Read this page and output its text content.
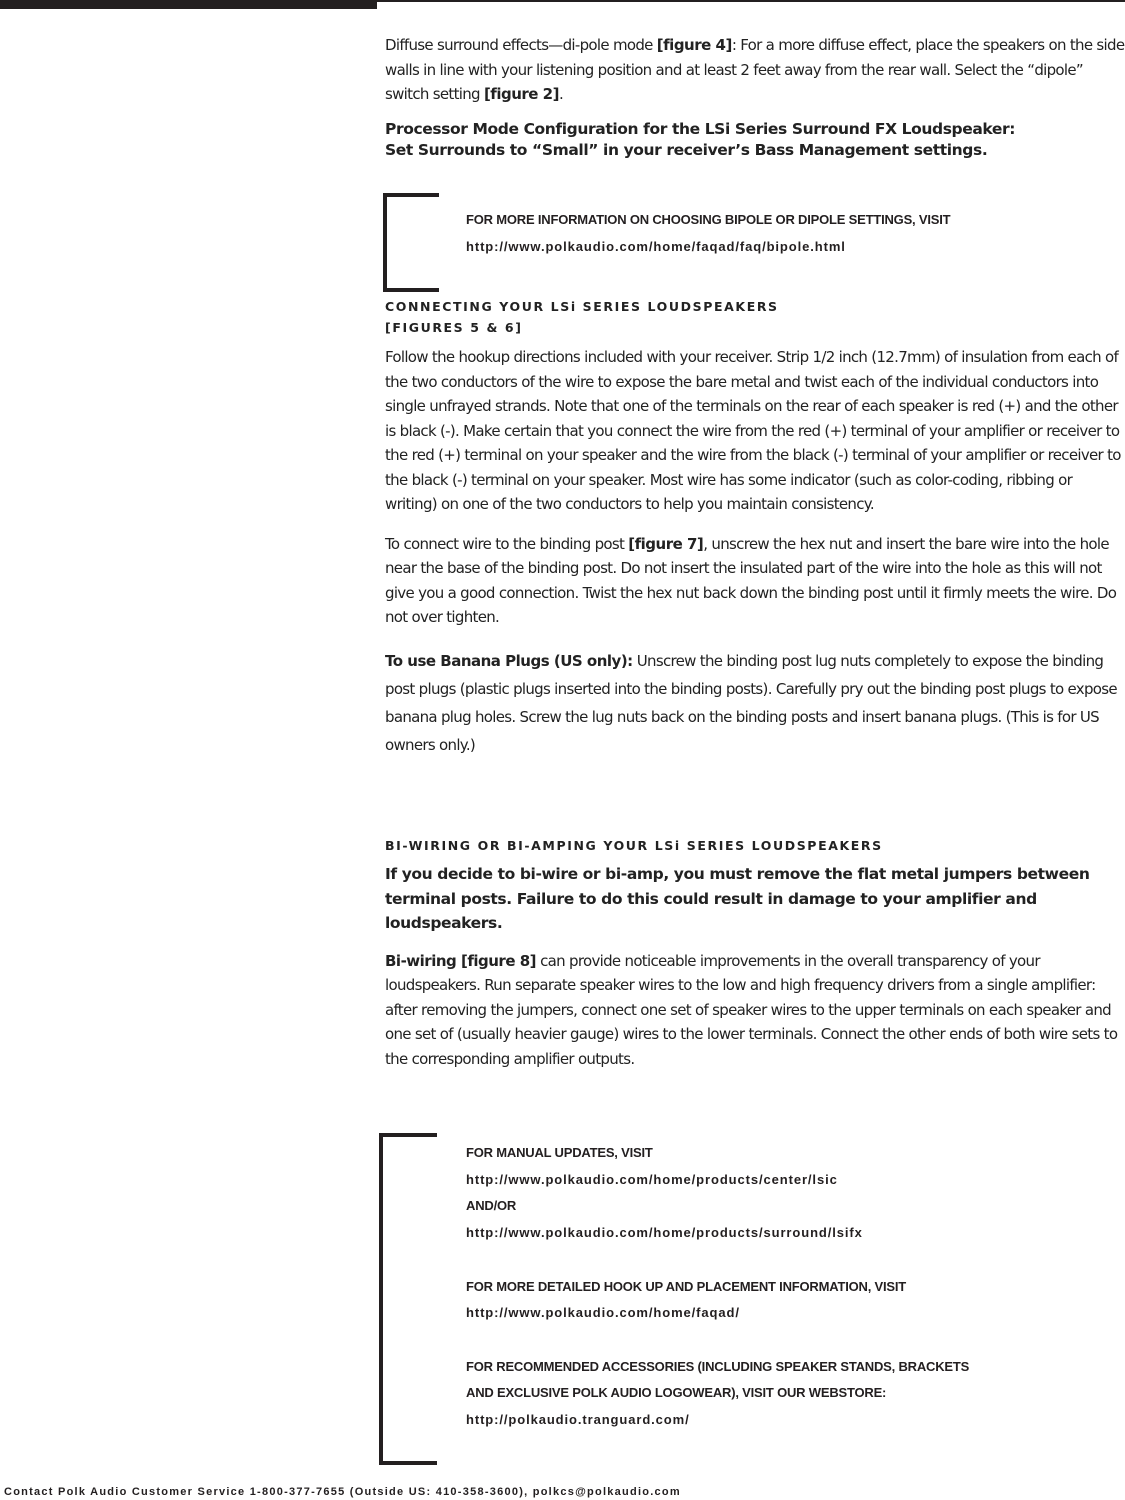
Diffuse surround effects—di-pole mode [figure 4]: For a more diffuse effect, place the speakers on the side walls in line with your listening position and at least 2 feet away from the rear wall. Select the “dipole” switch setting [figure 2].

Processor Mode Configuration for the LSi Series Surround FX Loudspeaker:
Set Surrounds to “Small” in your receiver’s Bass Management settings.

FOR MORE INFORMATION ON CHOOSING BIPOLE OR DIPOLE SETTINGS, VISIT
http://www.polkaudio.com/home/faqad/faq/bipole.html

CONNECTING YOUR LSi SERIES LOUDSPEAKERS
[FIGURES 5 & 6]

Follow the hookup directions included with your receiver. Strip 1/2 inch (12.7mm) of insulation from each of the two conductors of the wire to expose the bare metal and twist each of the individual conductors into single unfrayed strands. Note that one of the terminals on the rear of each speaker is red (+) and the other is black (-). Make certain that you connect the wire from the red (+) terminal of your amplifier or receiver to the red (+) terminal on your speaker and the wire from the black (-) terminal of your amplifier or receiver to the black (-) terminal on your speaker. Most wire has some indicator (such as color-coding, ribbing or writing) on one of the two conductors to help you maintain consistency.

To connect wire to the binding post [figure 7], unscrew the hex nut and insert the bare wire into the hole near the base of the binding post. Do not insert the insulated part of the wire into the hole as this will not give you a good connection. Twist the hex nut back down the binding post until it firmly meets the wire. Do not over tighten.

To use Banana Plugs (US only): Unscrew the binding post lug nuts completely to expose the binding post plugs (plastic plugs inserted into the binding posts). Carefully pry out the binding post plugs to expose banana plug holes. Screw the lug nuts back on the binding posts and insert banana plugs. (This is for US owners only.)

BI-WIRING OR BI-AMPING YOUR LSi SERIES LOUDSPEAKERS

If you decide to bi-wire or bi-amp, you must remove the flat metal jumpers between terminal posts. Failure to do this could result in damage to your amplifier and loudspeakers.

Bi-wiring [figure 8] can provide noticeable improvements in the overall transparency of your loudspeakers. Run separate speaker wires to the low and high frequency drivers from a single amplifier: after removing the jumpers, connect one set of speaker wires to the upper terminals on each speaker and one set of (usually heavier gauge) wires to the lower terminals. Connect the other ends of both wire sets to the corresponding amplifier outputs.

FOR MANUAL UPDATES, VISIT
http://www.polkaudio.com/home/products/center/lsic
AND/OR
http://www.polkaudio.com/home/products/surround/lsifx
FOR MORE DETAILED HOOK UP AND PLACEMENT INFORMATION, VISIT
http://www.polkaudio.com/home/faqad/
FOR RECOMMENDED ACCESSORIES (INCLUDING SPEAKER STANDS, BRACKETS
AND EXCLUSIVE POLK AUDIO LOGOWEAR), VISIT OUR WEBSTORE:
http://polkaudio.tranguard.com/
Contact Polk Audio Customer Service 1-800-377-7655 (Outside US: 410-358-3600), polkcs@polkaudio.com
